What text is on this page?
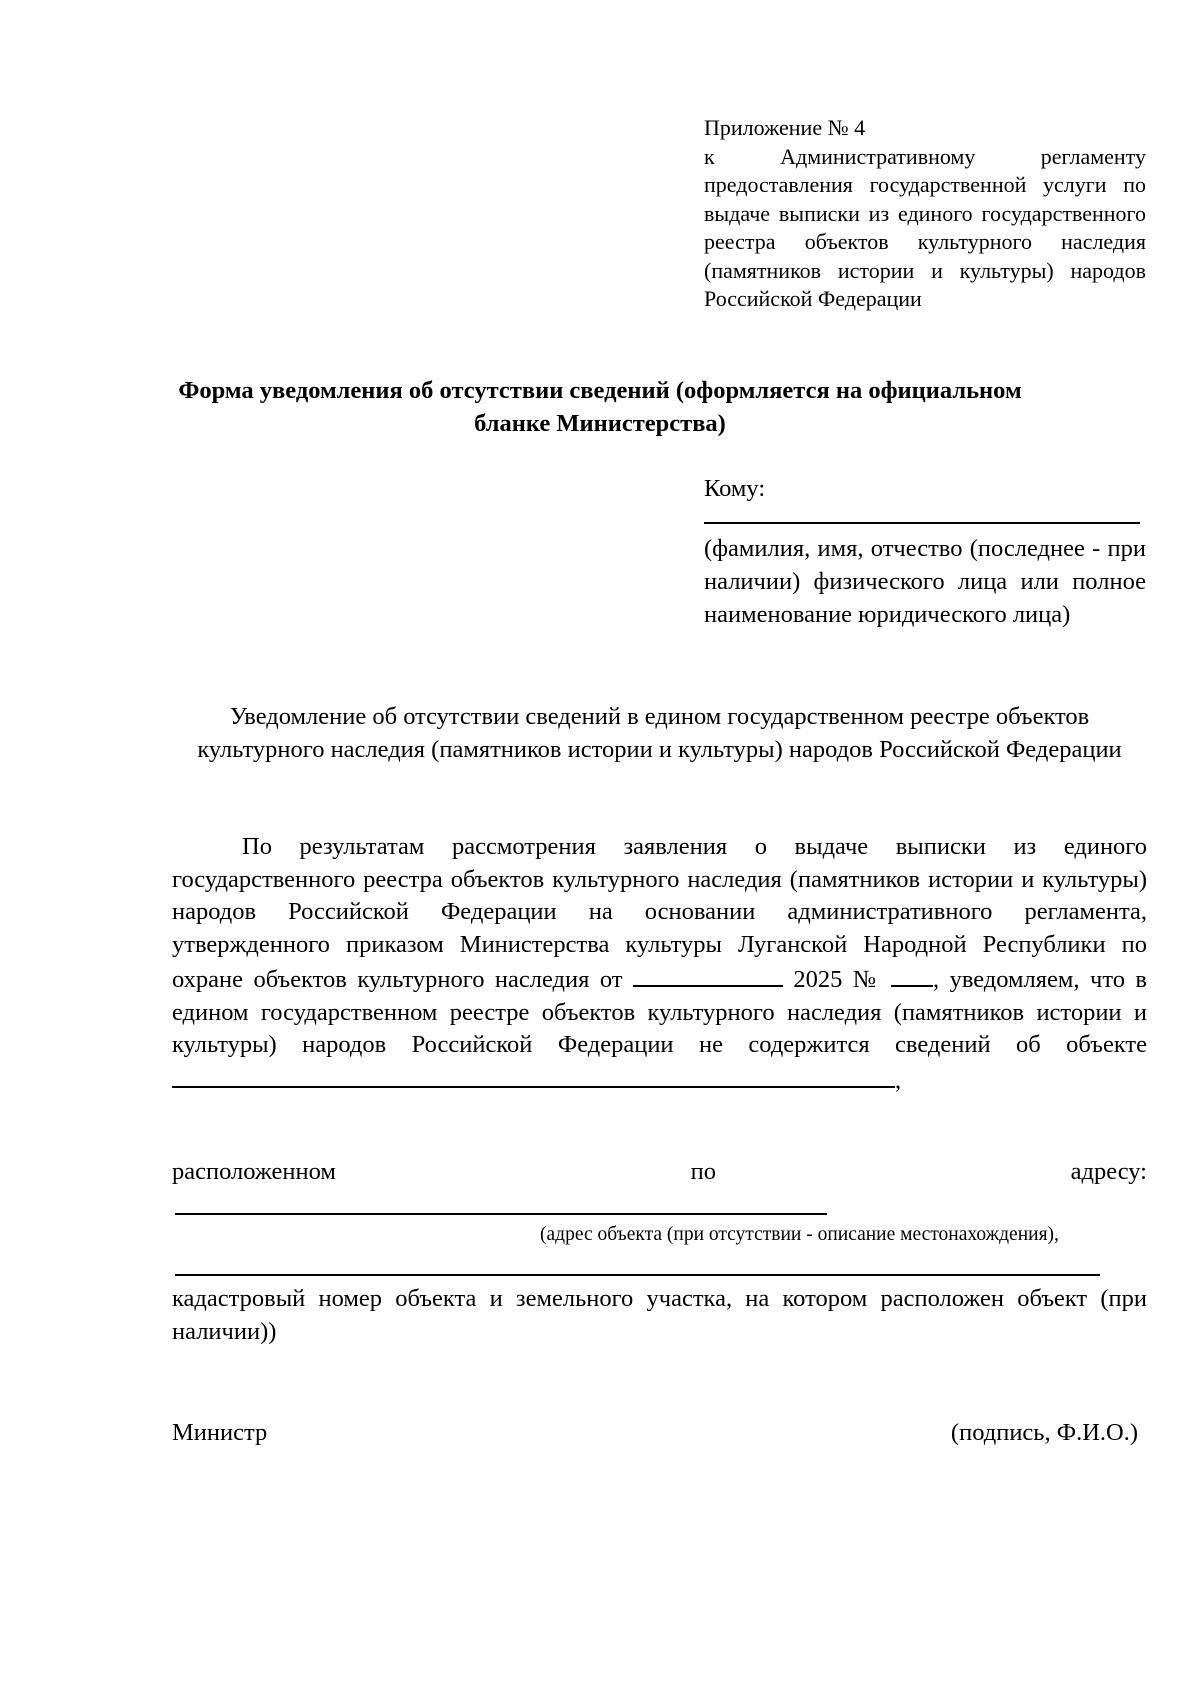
Приложение № 4
к Административному регламенту предоставления государственной услуги по выдаче выписки из единого государственного реестра объектов культурного наследия (памятников истории и культуры) народов Российской Федерации
Форма уведомления об отсутствии сведений (оформляется на официальном бланке Министерства)
Кому:
(фамилия, имя, отчество (последнее - при наличии) физического лица или полное наименование юридического лица)
Уведомление об отсутствии сведений в едином государственном реестре объектов культурного наследия (памятников истории и культуры) народов Российской Федерации
По результатам рассмотрения заявления о выдаче выписки из единого государственного реестра объектов культурного наследия (памятников истории и культуры) народов Российской Федерации на основании административного регламента, утвержденного приказом Министерства культуры Луганской Народной Республики по охране объектов культурного наследия от	2025 № , уведомляем, что в едином государственном реестре объектов культурного наследия (памятников истории и культуры) народов Российской Федерации не содержится сведений об объекте,
расположенном	по	адресу:
(адрес объекта (при отсутствии - описание местонахождения),
кадастровый номер объекта и земельного участка, на котором расположен объект (при наличии))
Министр	(подпись, Ф.И.О.)
